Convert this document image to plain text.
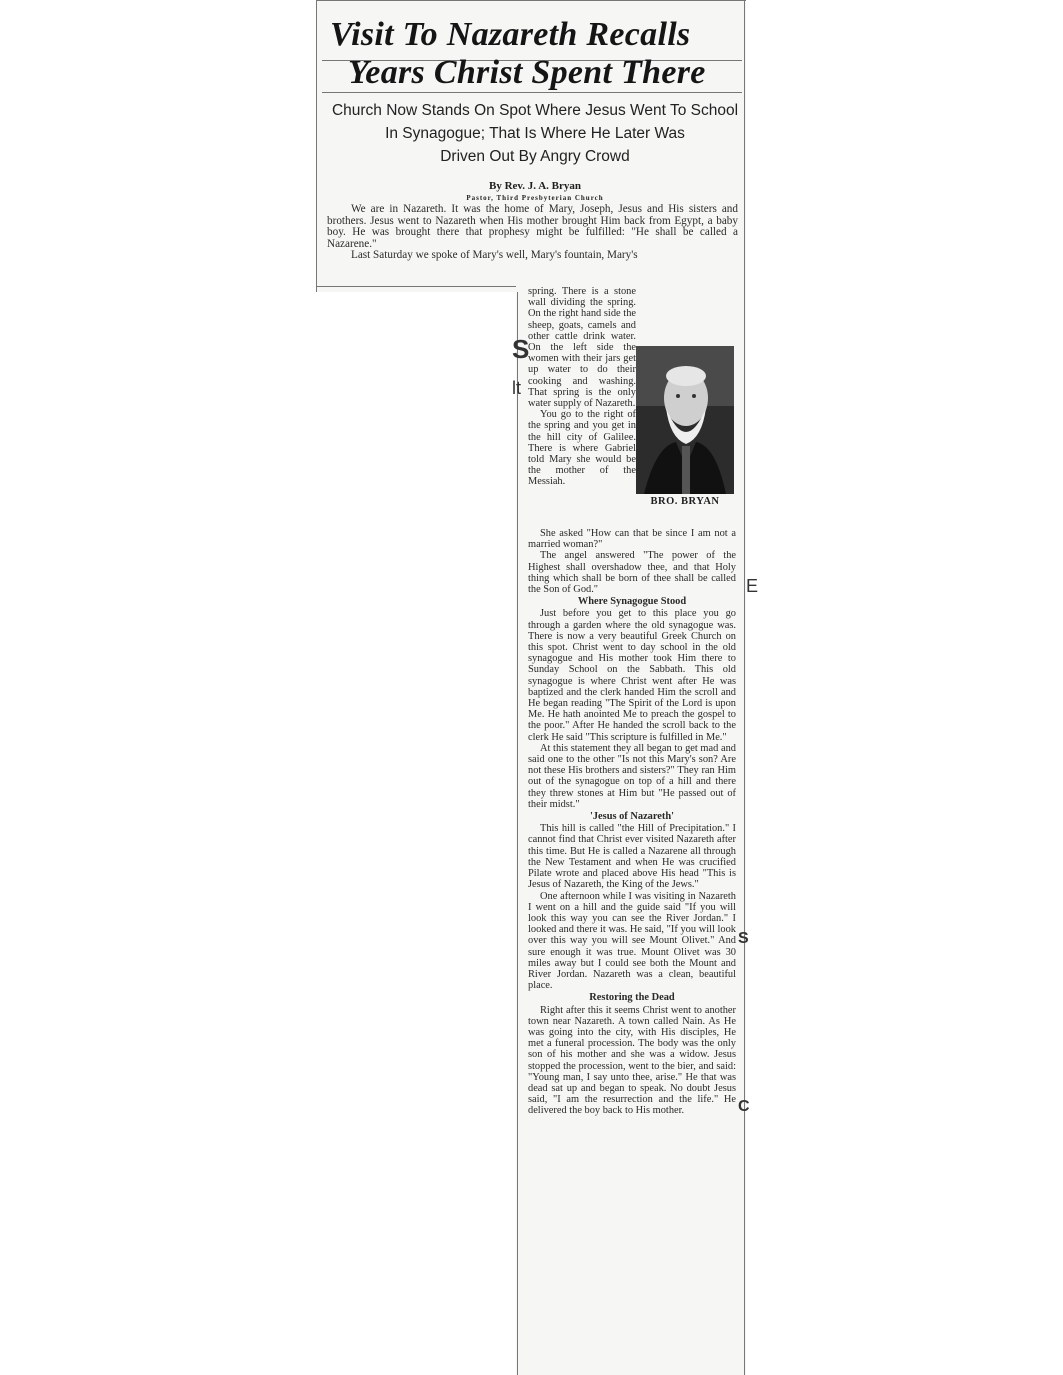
Visit To Nazareth Recalls
Years Christ Spent There
Church Now Stands On Spot Where Jesus Went To School
In Synagogue; That Is Where He Later Was
Driven Out By Angry Crowd
By Rev. J. A. Bryan
Pastor, Third Presbyterian Church

We are in Nazareth. It was the home of Mary, Joseph, Jesus and His sisters and brothers. Jesus went to Nazareth when His mother brought Him back from Egypt, a baby boy. He was brought there that prophesy might be fulfilled: "He shall be called a Nazarene."

Last Saturday we spoke of Mary's well, Mary's fountain, Mary's

spring. There is a stone wall dividing the spring. On the right hand side the sheep, goats, camels and other cattle drink water. On the left side the women with their jars get up water to do their cooking and washing. That spring is the only water supply of Nazareth.

You go to the right of the spring and you get in the hill city of Galilee. There is where Gabriel told Mary she would be the mother of the Messiah.

BRO. BRYAN

She asked "How can that be since I am not a married woman?"

The angel answered "The power of the Highest shall overshadow thee, and that Holy thing which shall be born of thee shall be called the Son of God."

Where Synagogue Stood

Just before you get to this place you go through a garden where the old synagogue was. There is now a very beautiful Greek Church on this spot. Christ went to day school in the old synagogue and His mother took Him there to Sunday School on the Sabbath. This old synagogue is where Christ went after He was baptized and the clerk handed Him the scroll and He began reading "The Spirit of the Lord is upon Me. He hath anointed Me to preach the gospel to the poor." After He handed the scroll back to the clerk He said "This scripture is fulfilled in Me."

At this statement they all began to get mad and said one to the other "Is not this Mary's son? Are not these His brothers and sisters?" They ran Him out of the synagogue on top of a hill and there they threw stones at Him but "He passed out of their midst."

'Jesus of Nazareth'

This hill is called "the Hill of Precipitation." I cannot find that Christ ever visited Nazareth after this time. But He is called a Nazarene all through the New Testament and when He was crucified Pilate wrote and placed above His head "This is Jesus of Nazareth, the King of the Jews."

One afternoon while I was visiting in Nazareth I went on a hill and the guide said "If you will look this way you can see the River Jordan." I looked and there it was. He said, "If you will look over this way you will see Mount Olivet." And sure enough it was true. Mount Olivet was 30 miles away but I could see both the Mount and River Jordan. Nazareth was a clean, beautiful place.

Restoring the Dead

Right after this it seems Christ went to another town near Nazareth. A town called Nain. As He was going into the city, with His disciples, He met a funeral procession. The body was the only son of his mother and she was a widow. Jesus stopped the procession, went to the bier, and said: "Young man, I say unto thee, arise." He that was dead sat up and began to speak. No doubt Jesus said, "I am the resurrection and the life." He delivered the boy back to His mother.

S
lt
E
S
C
